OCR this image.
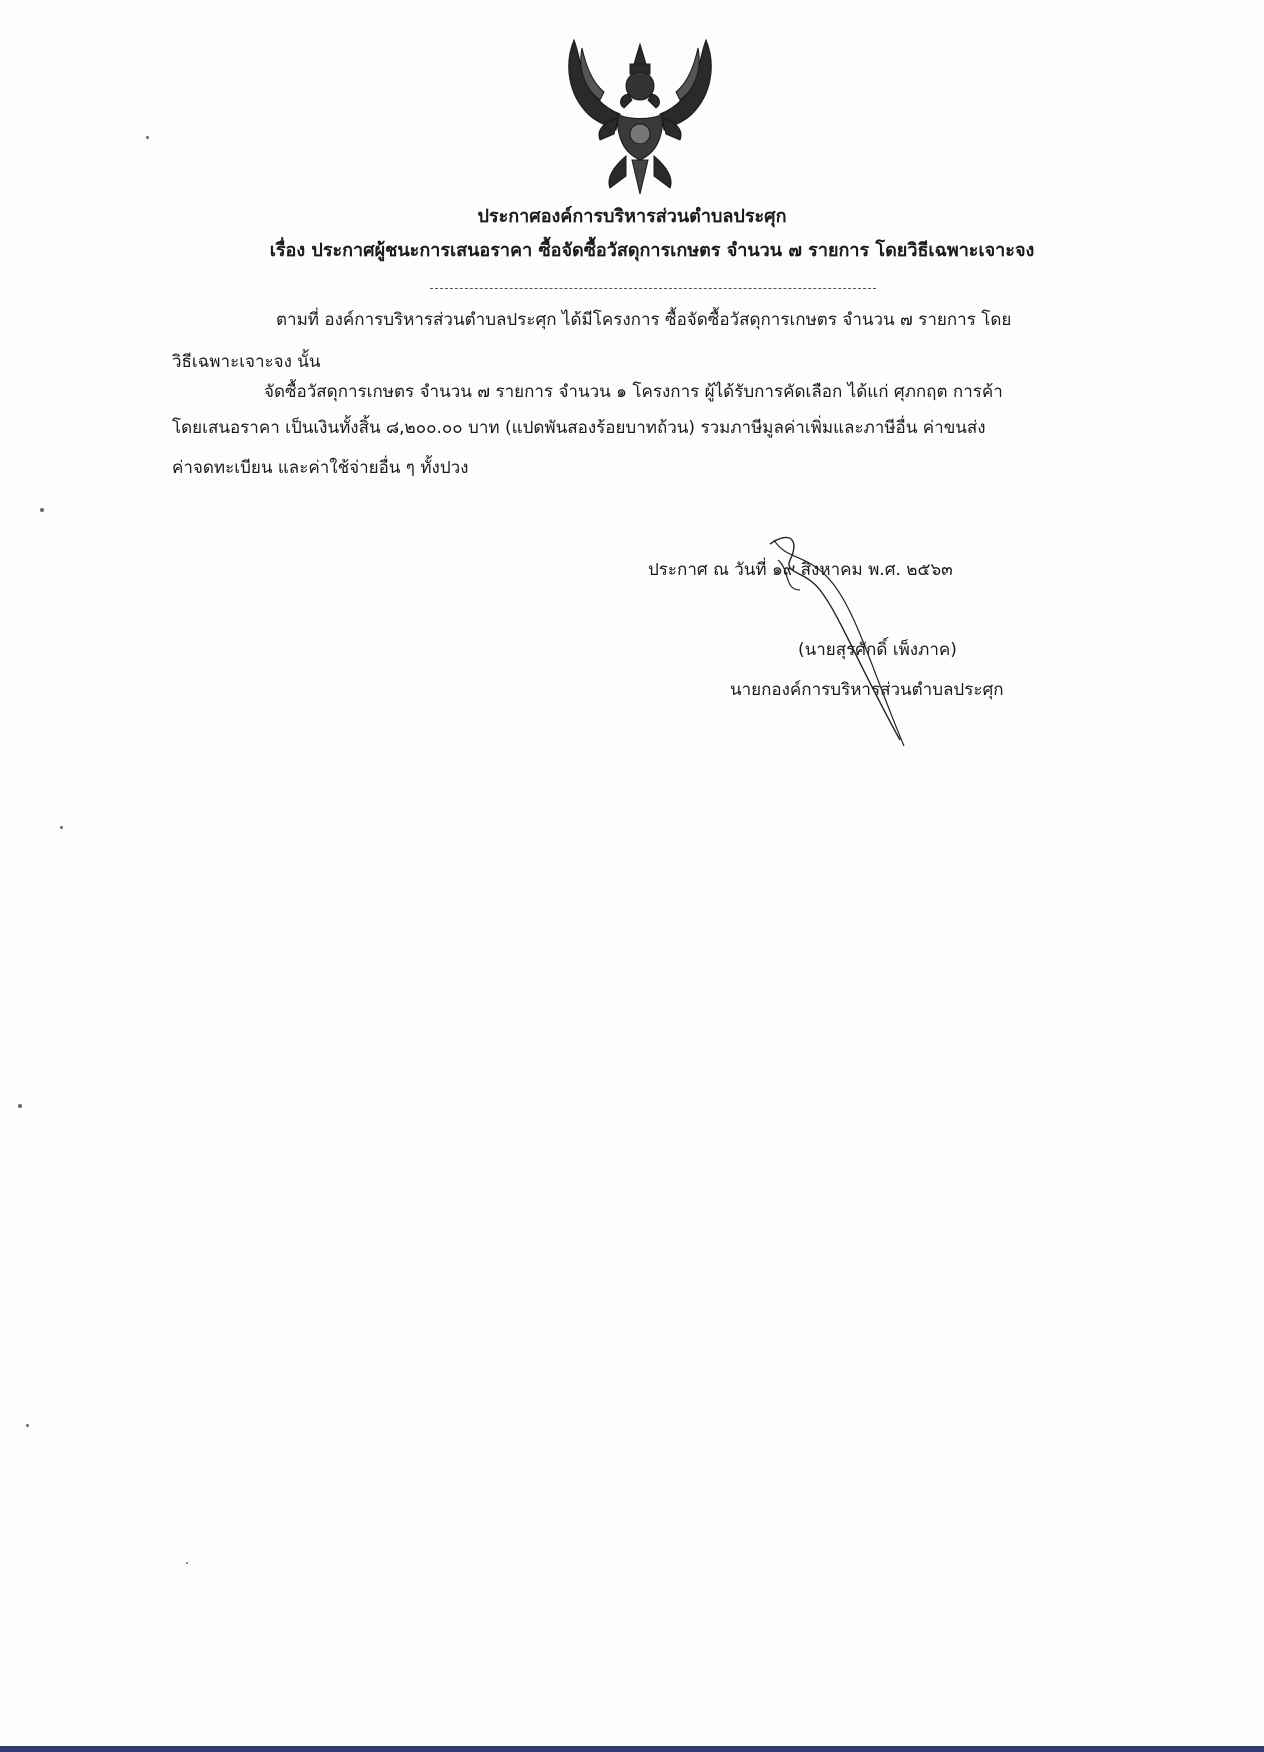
ประกาศองค์การบริหารส่วนตำบลประศุก
เรื่อง ประกาศผู้ชนะการเสนอราคา ซื้อจัดซื้อวัสดุการเกษตร จำนวน ๗ รายการ โดยวิธีเฉพาะเจาะจง
ตามที่ องค์การบริหารส่วนตำบลประศุก ได้มีโครงการ ซื้อจัดซื้อวัสดุการเกษตร จำนวน ๗ รายการ โดย
วิธีเฉพาะเจาะจง นั้น
จัดซื้อวัสดุการเกษตร จำนวน ๗ รายการ จำนวน ๑ โครงการ ผู้ได้รับการคัดเลือก ได้แก่ ศุภกฤต การค้า
โดยเสนอราคา เป็นเงินทั้งสิ้น ๘,๒๐๐.๐๐ บาท (แปดพันสองร้อยบาทถ้วน) รวมภาษีมูลค่าเพิ่มและภาษีอื่น ค่าขนส่ง
ค่าจดทะเบียน และค่าใช้จ่ายอื่น ๆ ทั้งปวง
ประกาศ ณ วันที่ ๑๙ สิงหาคม พ.ศ. ๒๕๖๓
(นายสุรศักดิ์ เพ็งภาค)
นายกองค์การบริหารส่วนตำบลประศุก
